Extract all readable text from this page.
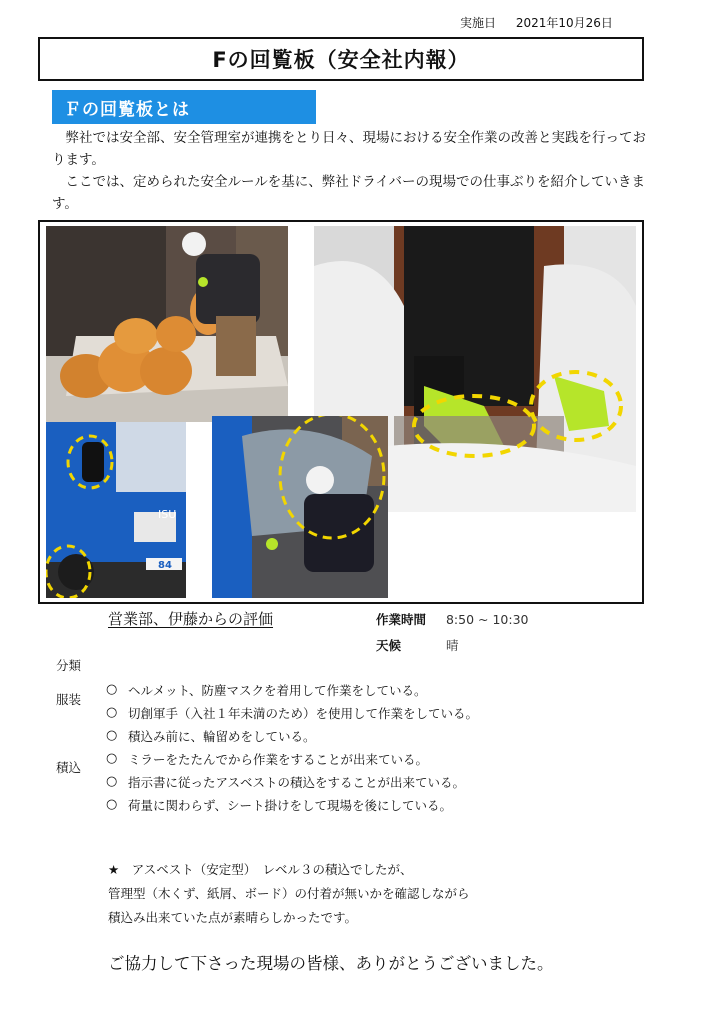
実施日 2021年10月26日
Fの回覧板（安全社内報）
Ｆの回覧板とは

弊社では安全部、安全管理室が連携をとり日々、現場における安全作業の改善と実践を行っております。

ここでは、定められた安全ルールを基に、弊社ドライバーの現場での仕事ぶりを紹介していきます。

ISU
84
営業部、伊藤からの評価	作業時間 8:50 ~ 10:30
天候	晴
分類
服装
積込
○ ヘルメット、防塵マスクを着用して作業をしている。
○ 切創軍手（入社１年未満のため）を使用して作業をしている。
○ 積込み前に、輪留めをしている。
○ ミラーをたたんでから作業をすることが出来ている。
○ 指示書に従ったアスベストの積込をすることが出来ている。
○ 荷量に関わらず、シート掛けをして現場を後にしている。
★　アスベスト（安定型）　レベル３の積込でしたが、
管理型（木くず、紙屑、ボード）の付着が無いかを確認しながら
積込み出来ていた点が素晴らしかったです。
ご協力して下さった現場の皆様、ありがとうございました。
